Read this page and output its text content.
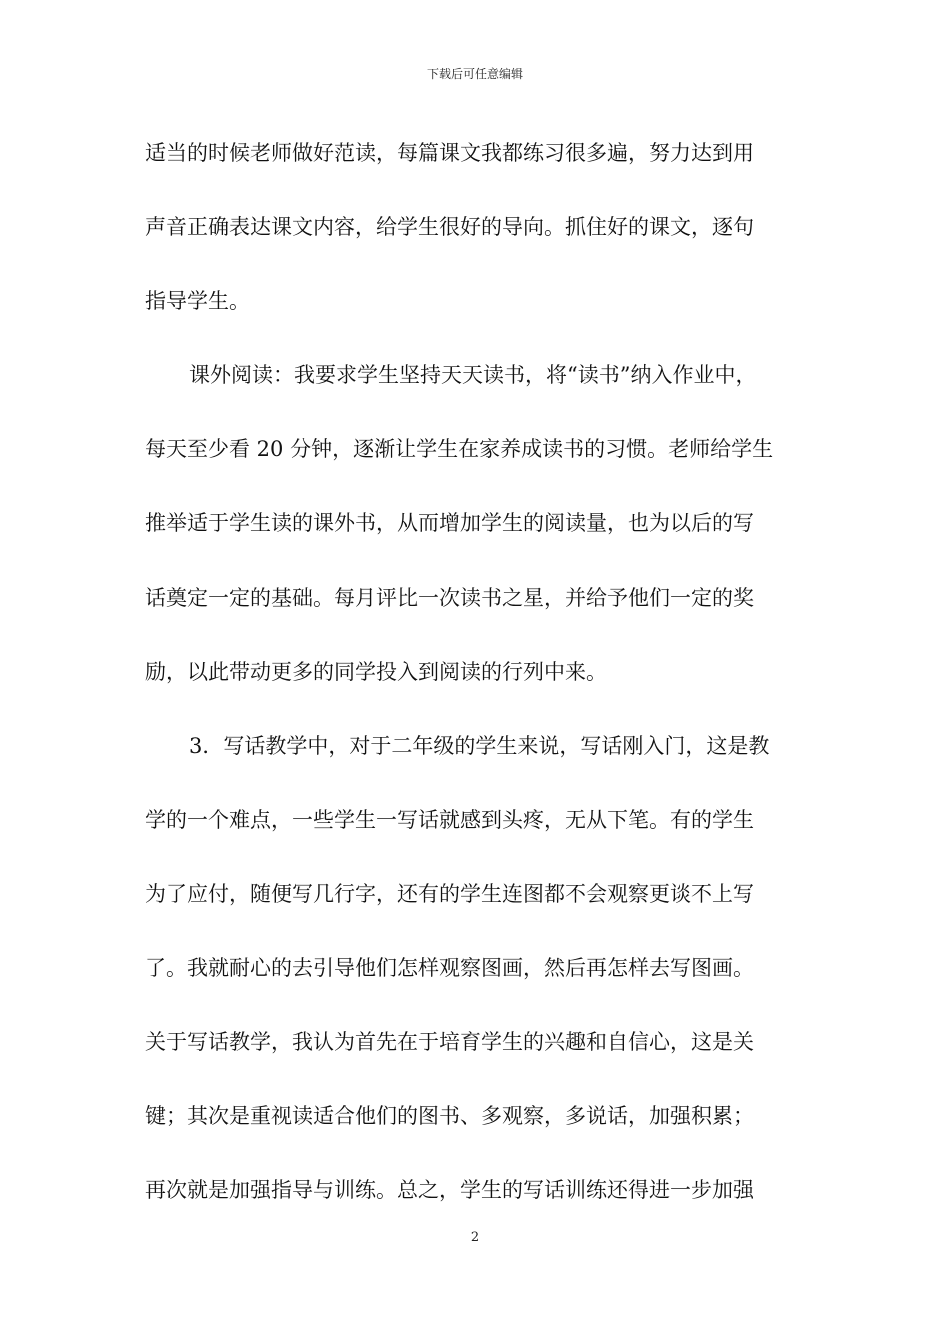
下载后可任意编辑
适当的时候老师做好范读，每篇课文我都练习很多遍，努力达到用
声音正确表达课文内容，给学生很好的导向。抓住好的课文，逐句
指导学生。
课外阅读：我要求学生坚持天天读书，将“读书”纳入作业中，
每天至少看 20 分钟，逐渐让学生在家养成读书的习惯。老师给学生
推举适于学生读的课外书，从而增加学生的阅读量，也为以后的写
话奠定一定的基础。每月评比一次读书之星，并给予他们一定的奖
励，以此带动更多的同学投入到阅读的行列中来。
3．写话教学中，对于二年级的学生来说，写话刚入门，这是教
学的一个难点，一些学生一写话就感到头疼，无从下笔。有的学生
为了应付，随便写几行字，还有的学生连图都不会观察更谈不上写
了。我就耐心的去引导他们怎样观察图画，然后再怎样去写图画。
关于写话教学，我认为首先在于培育学生的兴趣和自信心，这是关
键；其次是重视读适合他们的图书、多观察，多说话，加强积累；
再次就是加强指导与训练。总之，学生的写话训练还得进一步加强
2
